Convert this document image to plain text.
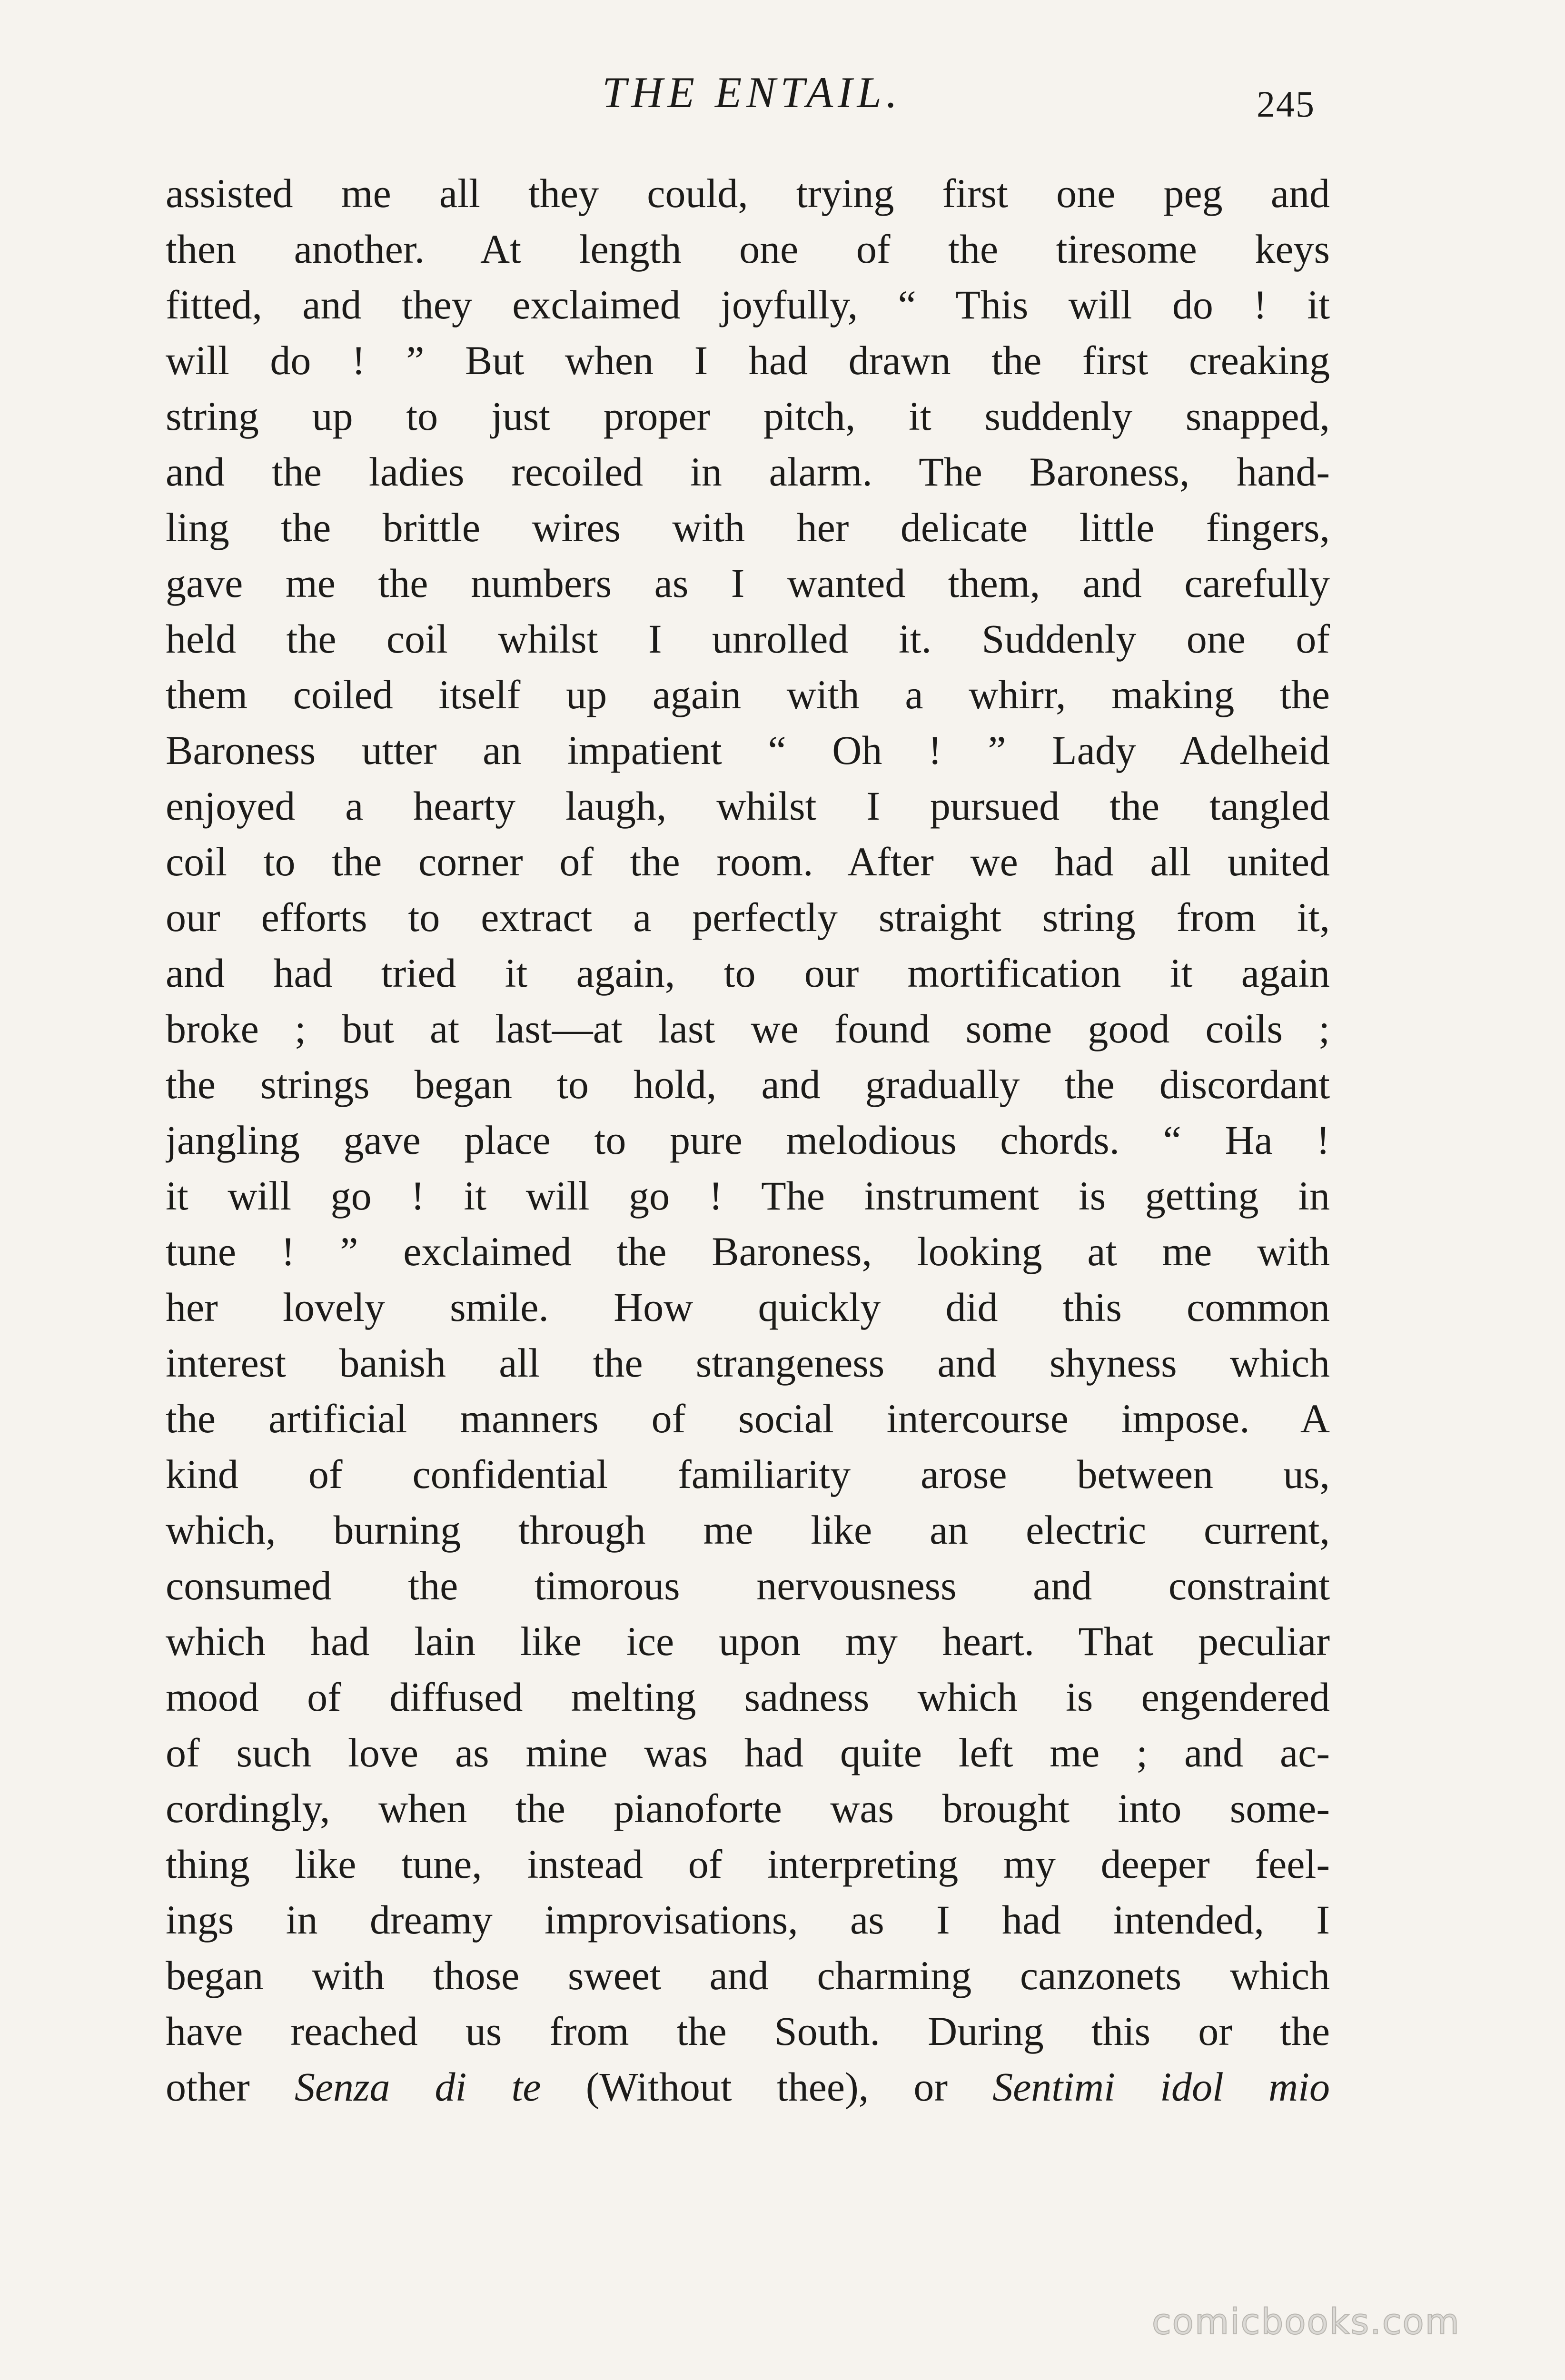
THE ENTAIL.	245
assisted me all they could, trying first one peg and
then another. At length one of the tiresome keys
fitted, and they exclaimed joyfully, “ This will do ! it
will do ! ” But when I had drawn the first creaking
string up to just proper pitch, it suddenly snapped,
and the ladies recoiled in alarm. The Baroness, hand-
ling the brittle wires with her delicate little fingers,
gave me the numbers as I wanted them, and carefully
held the coil whilst I unrolled it. Suddenly one of
them coiled itself up again with a whirr, making the
Baroness utter an impatient “ Oh ! ” Lady Adelheid
enjoyed a hearty laugh, whilst I pursued the tangled
coil to the corner of the room. After we had all united
our efforts to extract a perfectly straight string from it,
and had tried it again, to our mortification it again
broke ; but at last—at last we found some good coils ;
the strings began to hold, and gradually the discordant
jangling gave place to pure melodious chords. “ Ha !
it will go ! it will go ! The instrument is getting in
tune ! ” exclaimed the Baroness, looking at me with
her lovely smile. How quickly did this common
interest banish all the strangeness and shyness which
the artificial manners of social intercourse impose. A
kind of confidential familiarity arose between us,
which, burning through me like an electric current,
consumed the timorous nervousness and constraint
which had lain like ice upon my heart. That peculiar
mood of diffused melting sadness which is engendered
of such love as mine was had quite left me ; and ac-
cordingly, when the pianoforte was brought into some-
thing like tune, instead of interpreting my deeper feel-
ings in dreamy improvisations, as I had intended, I
began with those sweet and charming canzonets which
have reached us from the South. During this or the
other Senza di te (Without thee), or Sentimi idol mio
comicbooks.com
